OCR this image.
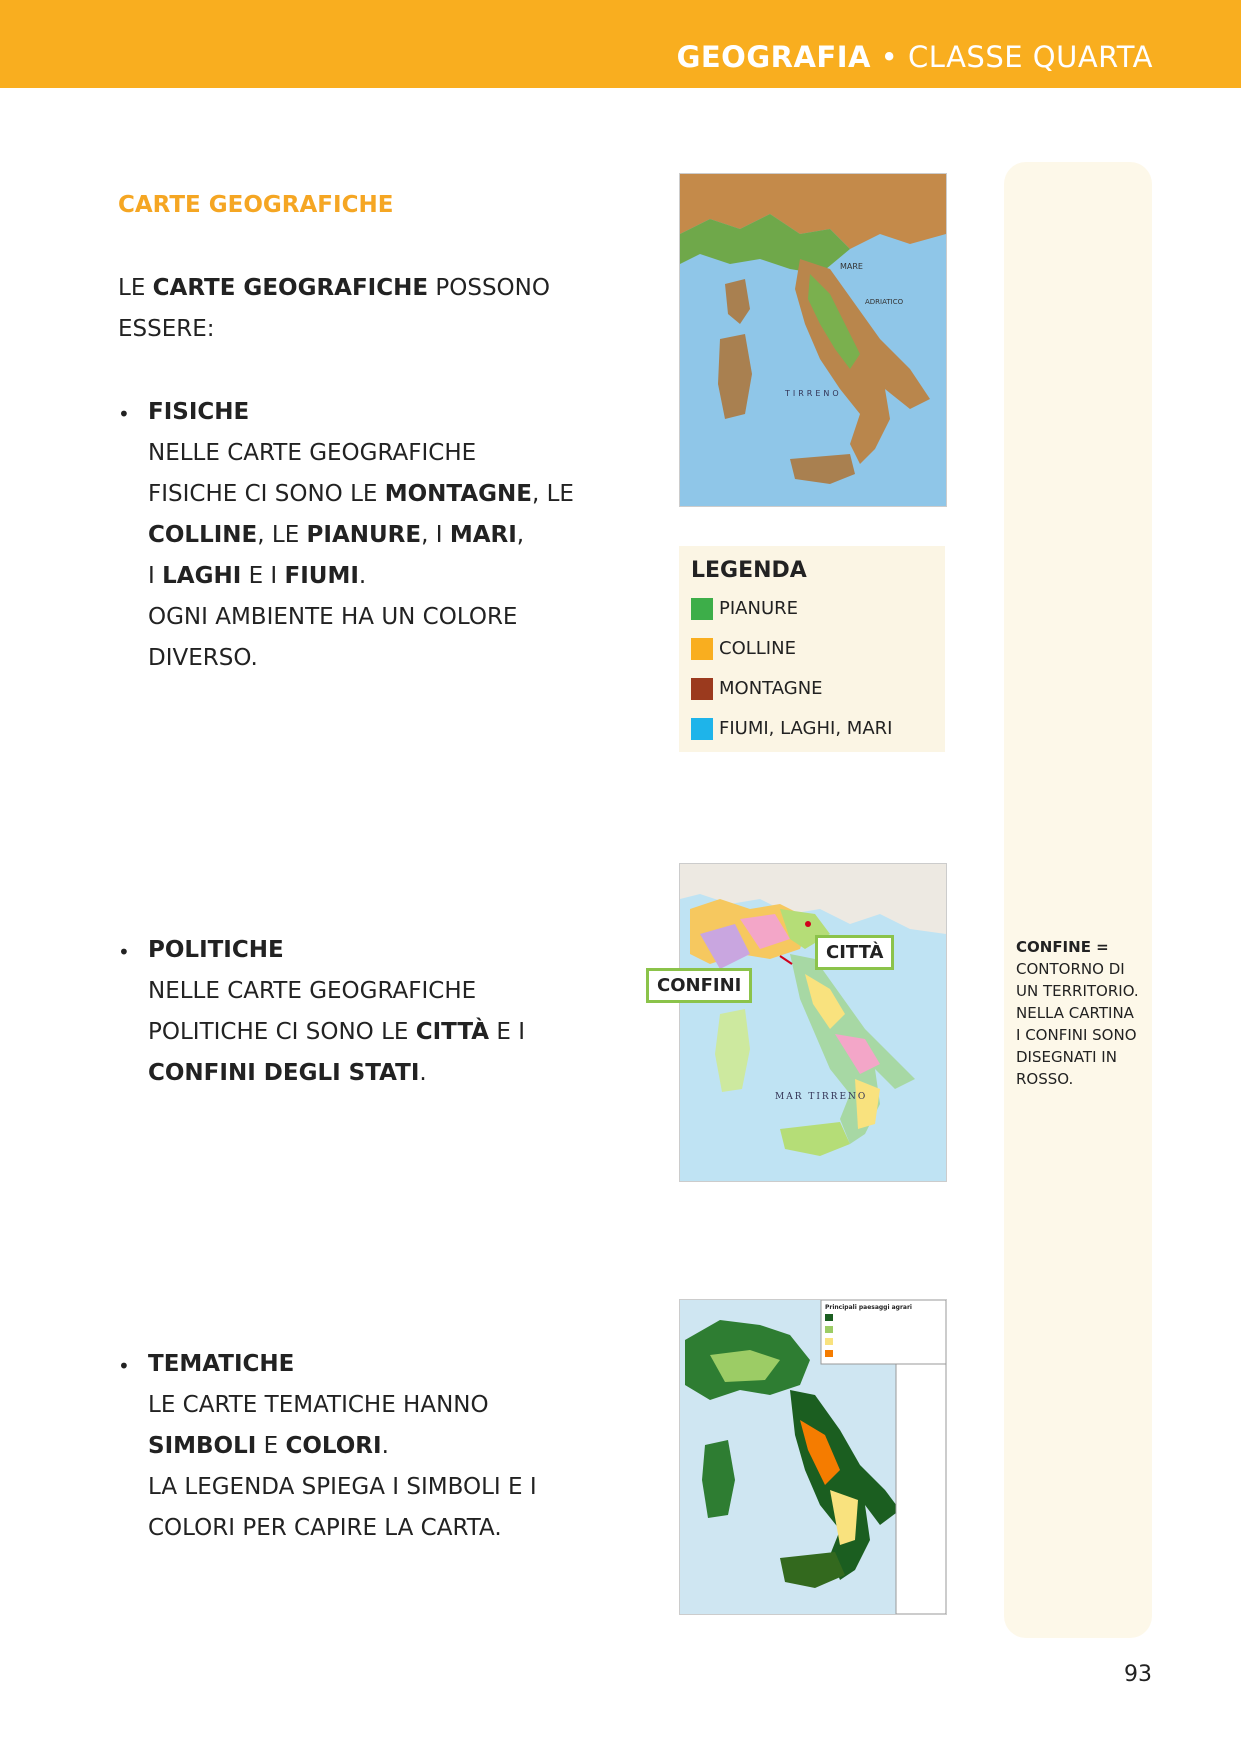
GEOGRAFIA • CLASSE QUARTA
CARTE GEOGRAFICHE
LE CARTE GEOGRAFICHE POSSONO
ESSERE:
• FISICHE
NELLE CARTE GEOGRAFICHE
FISICHE CI SONO LE MONTAGNE, LE
COLLINE, LE PIANURE, I MARI,
I LAGHI E I FIUMI.
OGNI AMBIENTE HA UN COLORE
DIVERSO.
MARE
TIRRENO
ADRIATICO
LEGENDA
PIANURE
COLLINE
MONTAGNE
FIUMI, LAGHI, MARI
• POLITICHE
NELLE CARTE GEOGRAFICHE
POLITICHE CI SONO LE CITTÀ E I
CONFINI DEGLI STATI.
MAR TIRRENO
CONFINI
CITTÀ
• TEMATICHE
LE CARTE TEMATICHE HANNO
SIMBOLI E COLORI.
LA LEGENDA SPIEGA I SIMBOLI E I
COLORI PER CAPIRE LA CARTA.
Principali paesaggi agrari
CONFINE =
CONTORNO DI
UN TERRITORIO.
NELLA CARTINA
I CONFINI SONO
DISEGNATI IN
ROSSO.
93
